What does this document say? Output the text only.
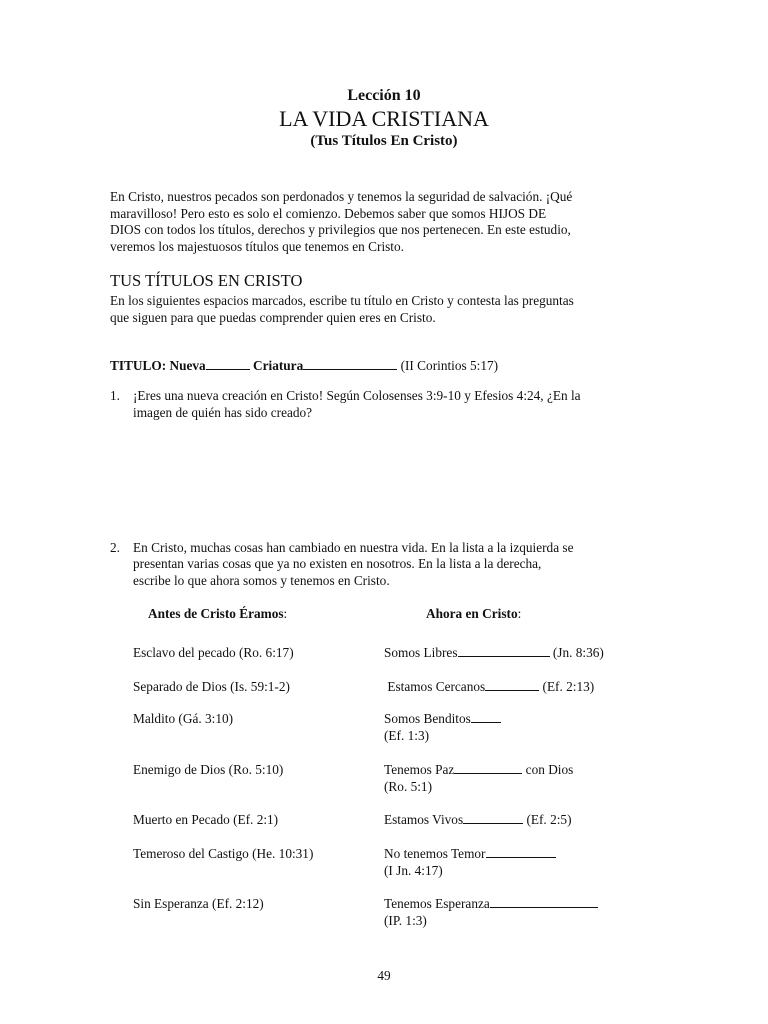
Lección 10
LA VIDA CRISTIANA
(Tus Títulos En Cristo)
En Cristo, nuestros pecados son perdonados y tenemos la seguridad de salvación. ¡Qué
maravilloso! Pero esto es solo el comienzo. Debemos saber que somos HIJOS DE
DIOS con todos los títulos, derechos y privilegios que nos pertenecen. En este estudio,
veremos los majestuosos títulos que tenemos en Cristo.
TUS TÍTULOS EN CRISTO
En los siguientes espacios marcados, escribe tu título en Cristo y contesta las preguntas
que siguen para que puedas comprender quien eres en Cristo.
TITULO: Nueva	Criatura	(II Corintios 5:17)
1. ¡Eres una nueva creación en Cristo! Según Colosenses 3:9-10 y Efesios 4:24, ¿En la
imagen de quién has sido creado?
2. En Cristo, muchas cosas han cambiado en nuestra vida. En la lista a la izquierda se
presentan varias cosas que ya no existen en nosotros. En la lista a la derecha,
escribe lo que ahora somos y tenemos en Cristo.
Antes de Cristo Éramos:	Ahora en Cristo:
Esclavo del pecado (Ro. 6:17)	Somos Libres	(Jn. 8:36)
Separado de Dios (Is. 59:1-2)	Estamos Cercanos	(Ef. 2:13)
Maldito (Gá. 3:10)	Somos Benditos
(Ef. 1:3)
Enemigo de Dios (Ro. 5:10)	Tenemos Paz	con Dios
(Ro. 5:1)
Muerto en Pecado (Ef. 2:1)	Estamos Vivos	(Ef. 2:5)
Temeroso del Castigo (He. 10:31)	No tenemos Temor
(I Jn. 4:17)
Sin Esperanza (Ef. 2:12)	Tenemos Esperanza
(IP. 1:3)
49
